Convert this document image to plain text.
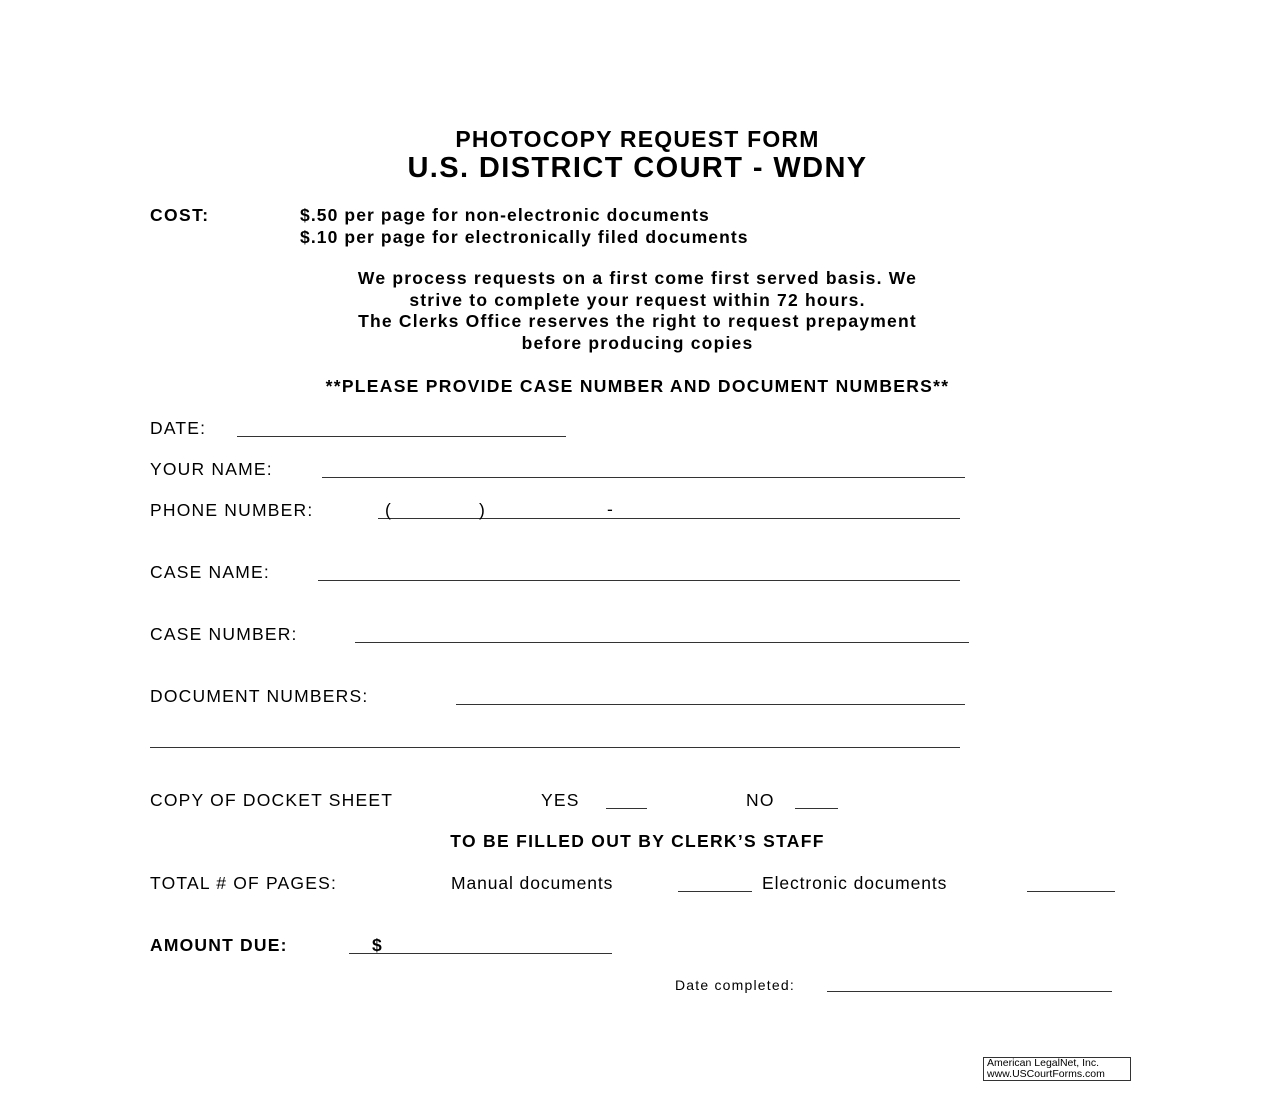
PHOTOCOPY REQUEST FORM
U.S. DISTRICT COURT - WDNY
COST:	$.50 per page for non-electronic documents
$.10 per page for electronically filed documents
We process requests on a first come first served basis. We
strive to complete your request within 72 hours.
The Clerks Office reserves the right to request prepayment
before producing copies
**PLEASE PROVIDE CASE NUMBER AND DOCUMENT NUMBERS**
DATE:
YOUR NAME:
PHONE NUMBER:	(	)	-
CASE NAME:
CASE NUMBER:
DOCUMENT NUMBERS:
COPY OF DOCKET SHEET	YES	NO
TO BE FILLED OUT BY CLERK’S STAFF
TOTAL # OF PAGES:	Manual documents	Electronic documents
AMOUNT DUE:	$
Date completed:
American LegalNet, Inc.
www.USCourtForms.com
